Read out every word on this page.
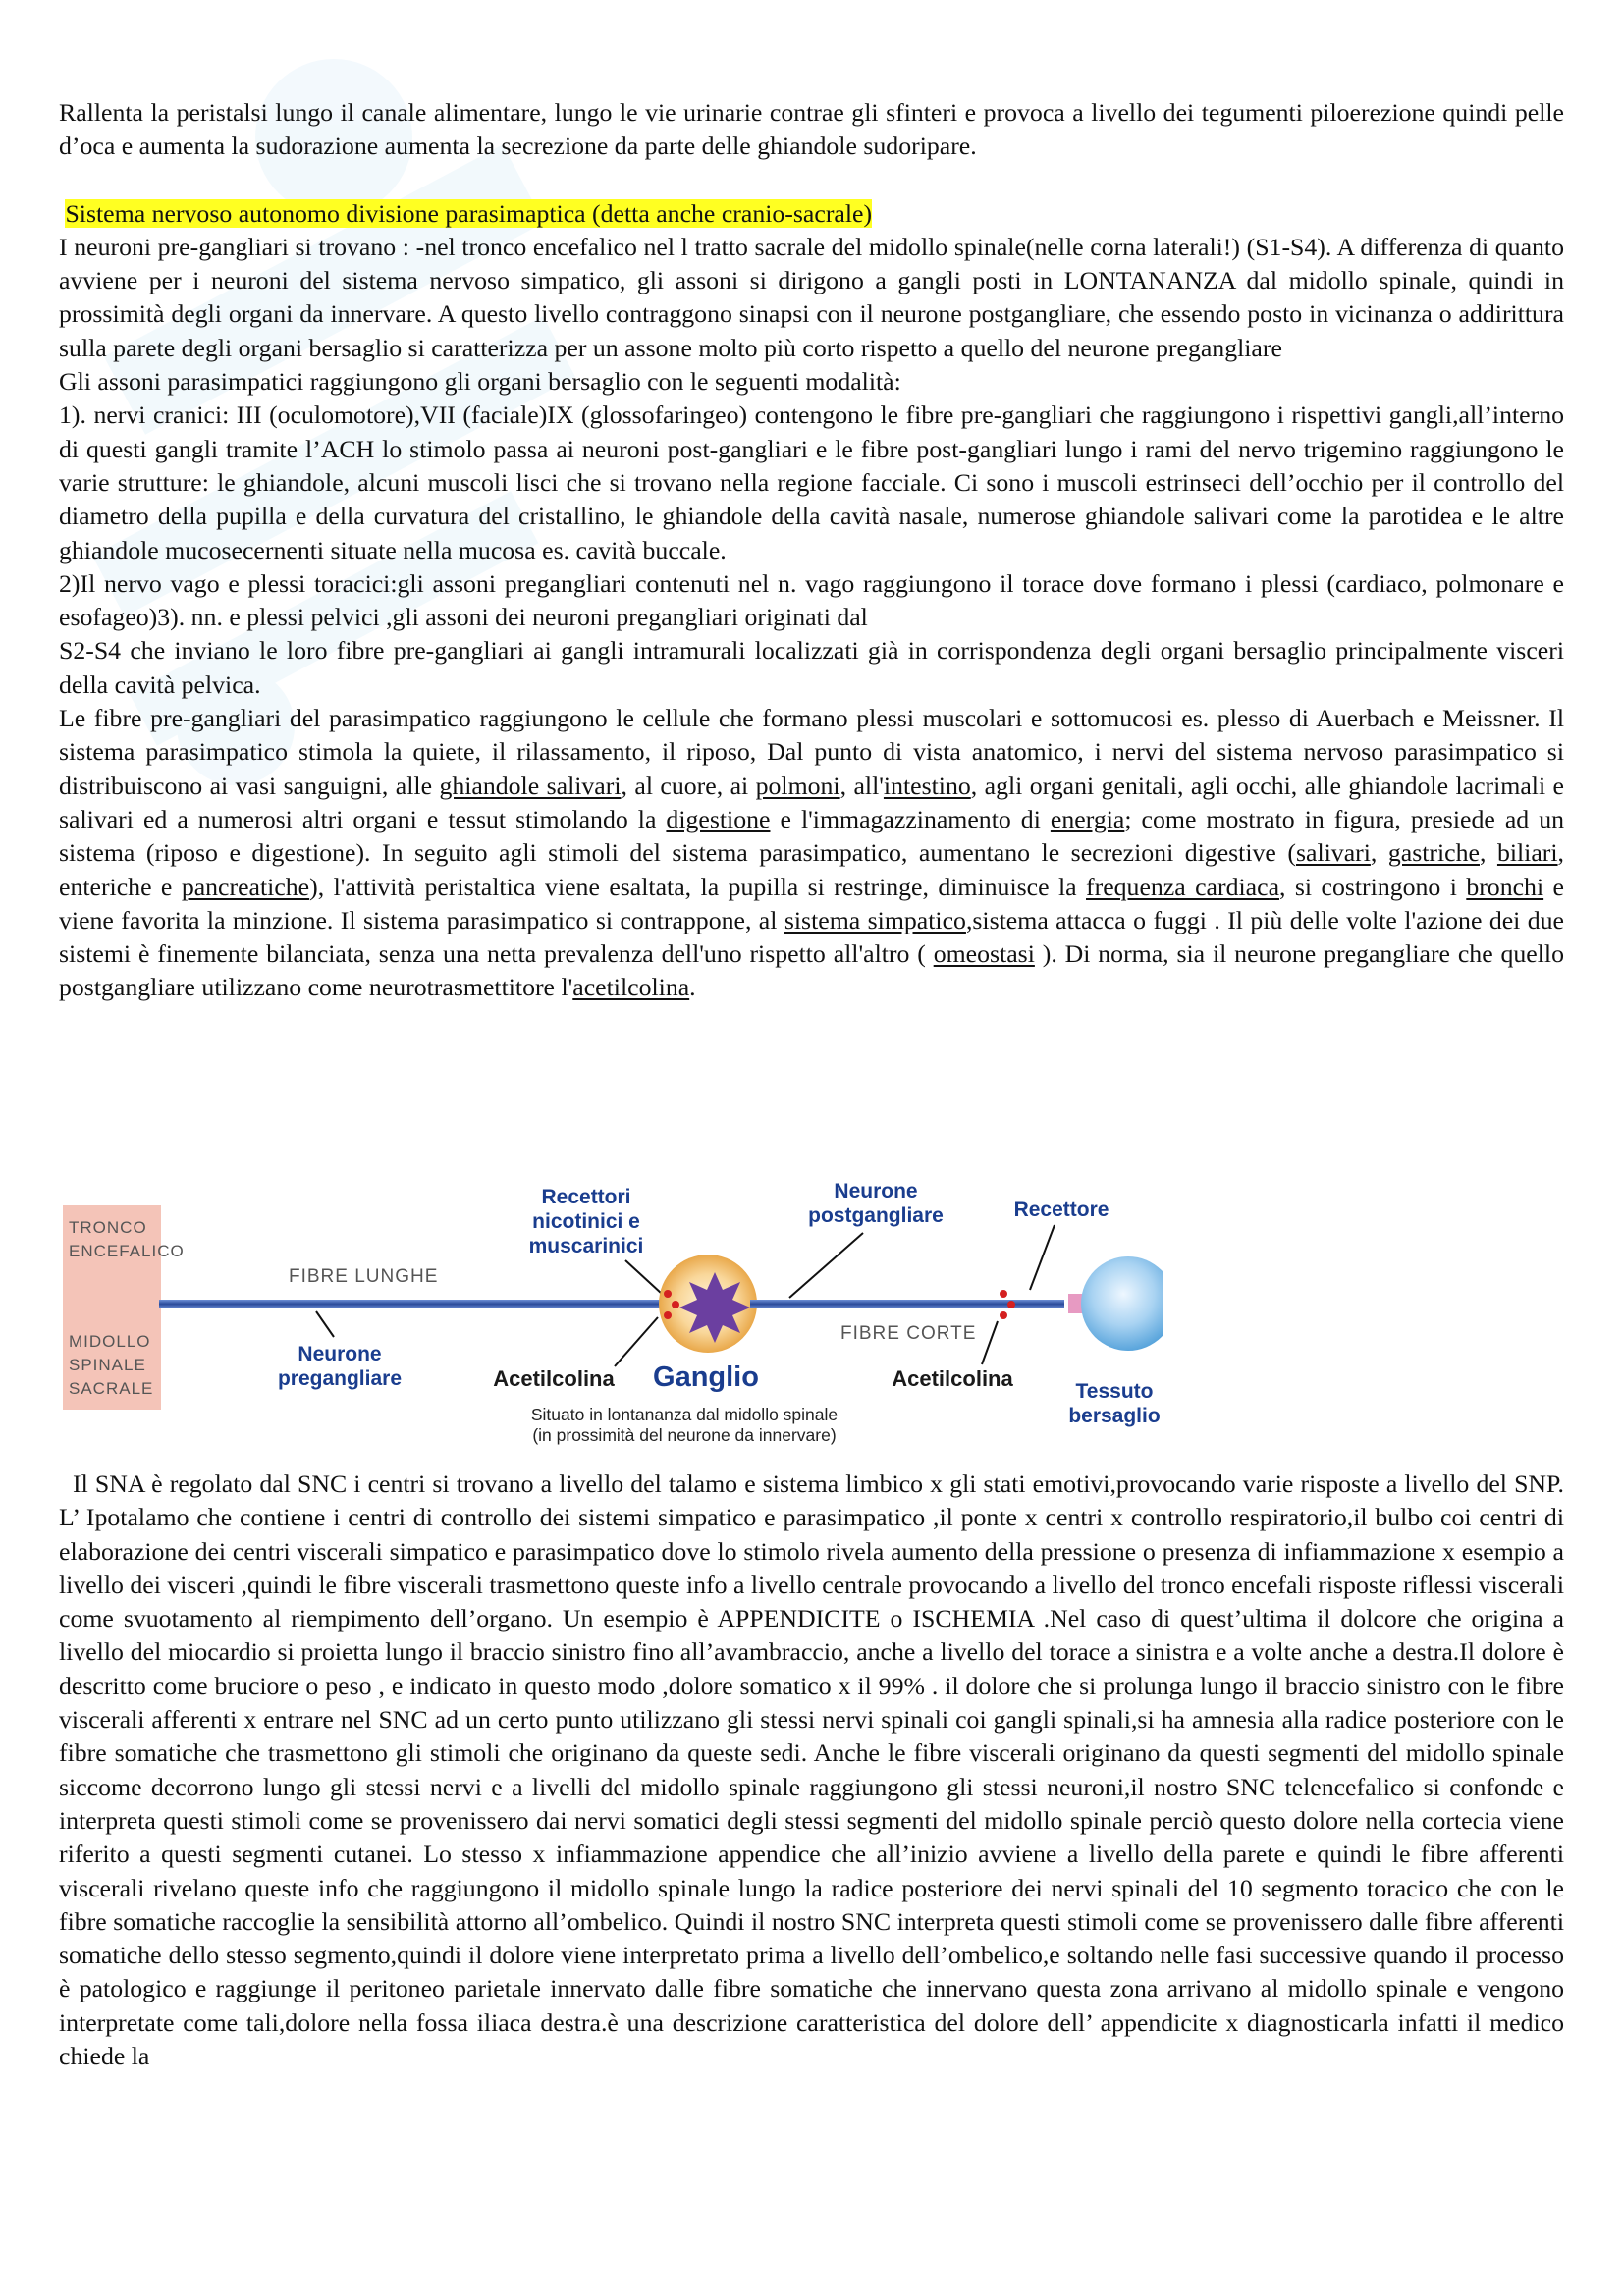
Rallenta la peristalsi lungo il canale alimentare, lungo le vie urinarie contrae gli sfinteri e provoca a livello dei tegumenti piloerezione quindi pelle d’oca e aumenta la sudorazione aumenta la secrezione da parte delle ghiandole sudoripare.

Sistema nervoso autonomo divisione parasimaptica (detta anche cranio-sacrale)

I neuroni pre-gangliari si trovano : -nel tronco encefalico nel l tratto sacrale del midollo spinale(nelle corna laterali!) (S1-S4). A differenza di quanto avviene per i neuroni del sistema nervoso simpatico, gli assoni si dirigono a gangli posti in LONTANANZA dal midollo spinale, quindi in prossimità degli organi da innervare. A questo livello contraggono sinapsi con il neurone postgangliare, che essendo posto in vicinanza o addirittura sulla parete degli organi bersaglio si caratterizza per un assone molto più corto rispetto a quello del neurone pregangliare

Gli assoni parasimpatici raggiungono gli organi bersaglio con le seguenti modalità:

1). nervi cranici: III (oculomotore),VII (faciale)IX (glossofaringeo) contengono le fibre pre-gangliari che raggiungono i rispettivi gangli,all’interno di questi gangli tramite l’ACH lo stimolo passa ai neuroni post-gangliari e le fibre post-gangliari lungo i rami del nervo trigemino raggiungono le varie strutture: le ghiandole, alcuni muscoli lisci che si trovano nella regione facciale. Ci sono i muscoli estrinseci dell’occhio per il controllo del diametro della pupilla e della curvatura del cristallino, le ghiandole della cavità nasale, numerose ghiandole salivari come la parotidea e le altre ghiandole mucosecernenti situate nella mucosa es. cavità buccale.

2)Il nervo vago e plessi toracici:gli assoni pregangliari contenuti nel n. vago raggiungono il torace dove formano i plessi (cardiaco, polmonare e esofageo)3). nn. e plessi pelvici ,gli assoni dei neuroni pregangliari originati dal

S2-S4 che inviano le loro fibre pre-gangliari ai gangli intramurali localizzati già in corrispondenza degli organi bersaglio principalmente visceri della cavità pelvica.

Le fibre pre-gangliari del parasimpatico raggiungono le cellule che formano plessi muscolari e sottomucosi es. plesso di Auerbach e Meissner. Il sistema parasimpatico stimola la quiete, il rilassamento, il riposo, Dal punto di vista anatomico, i nervi del sistema nervoso parasimpatico si distribuiscono ai vasi sanguigni, alle ghiandole salivari, al cuore, ai polmoni, all'intestino, agli organi genitali, agli occhi, alle ghiandole lacrimali e salivari ed a numerosi altri organi e tessut stimolando la digestione e l'immagazzinamento di energia; come mostrato in figura, presiede ad un sistema (riposo e digestione). In seguito agli stimoli del sistema parasimpatico, aumentano le secrezioni digestive (salivari, gastriche, biliari, enteriche e pancreatiche), l'attività peristaltica viene esaltata, la pupilla si restringe, diminuisce la frequenza cardiaca, si costringono i bronchi e viene favorita la minzione. Il sistema parasimpatico si contrappone, al sistema simpatico,sistema attacca o fuggi . Il più delle volte l'azione dei due sistemi è finemente bilanciata, senza una netta prevalenza dell'uno rispetto all'altro ( omeostasi ). Di norma, sia il neurone pregangliare che quello postgangliare utilizzano come neurotrasmettitore l'acetilcolina.

TRONCO
ENCEFALICO
MIDOLLO
SPINALE
SACRALE
FIBRE LUNGHE
Neurone
pregangliare
Recettori
nicotinici e
muscarinici
Neurone
postgangliare
FIBRE CORTE
Recettore
Acetilcolina Ganglio	Acetilcolina
Tessuto
bersaglio
Situato in lontananza dal midollo spinale
(in prossimità del neurone da innervare)

Il SNA è regolato dal SNC i centri si trovano a livello del talamo e sistema limbico x gli stati emotivi,provocando varie risposte a livello del SNP. L’ Ipotalamo che contiene i centri di controllo dei sistemi simpatico e parasimpatico ,il ponte x centri x controllo respiratorio,il bulbo coi centri di elaborazione dei centri viscerali simpatico e parasimpatico dove lo stimolo rivela aumento della pressione o presenza di infiammazione x esempio a livello dei visceri ,quindi le fibre viscerali trasmettono queste info a livello centrale provocando a livello del tronco encefali risposte riflessi viscerali come svuotamento al riempimento dell’organo. Un esempio è APPENDICITE o ISCHEMIA .Nel caso di quest’ultima il dolcore che origina a livello del miocardio si proietta lungo il braccio sinistro fino all’avambraccio, anche a livello del torace a sinistra e a volte anche a destra.Il dolore è descritto come bruciore o peso , e indicato in questo modo ,dolore somatico x il 99% . il dolore che si prolunga lungo il braccio sinistro con le fibre viscerali afferenti x entrare nel SNC ad un certo punto utilizzano gli stessi nervi spinali coi gangli spinali,si ha amnesia alla radice posteriore con le fibre somatiche che trasmettono gli stimoli che originano da queste sedi. Anche le fibre viscerali originano da questi segmenti del midollo spinale siccome decorrono lungo gli stessi nervi e a livelli del midollo spinale raggiungono gli stessi neuroni,il nostro SNC telencefalico si confonde e interpreta questi stimoli come se provenissero dai nervi somatici degli stessi segmenti del midollo spinale perciò questo dolore nella cortecia viene riferito a questi segmenti cutanei. Lo stesso x infiammazione appendice che all’inizio avviene a livello della parete e quindi le fibre afferenti viscerali rivelano queste info che raggiungono il midollo spinale lungo la radice posteriore dei nervi spinali del 10 segmento toracico che con le fibre somatiche raccoglie la sensibilità attorno all’ombelico. Quindi il nostro SNC interpreta questi stimoli come se provenissero dalle fibre afferenti somatiche dello stesso segmento,quindi il dolore viene interpretato prima a livello dell’ombelico,e soltando nelle fasi successive quando il processo è patologico e raggiunge il peritoneo parietale innervato dalle fibre somatiche che innervano questa zona arrivano al midollo spinale e vengono interpretate come tali,dolore nella fossa iliaca destra.è una descrizione caratteristica del dolore dell’ appendicite x diagnosticarla infatti il medico chiede la
